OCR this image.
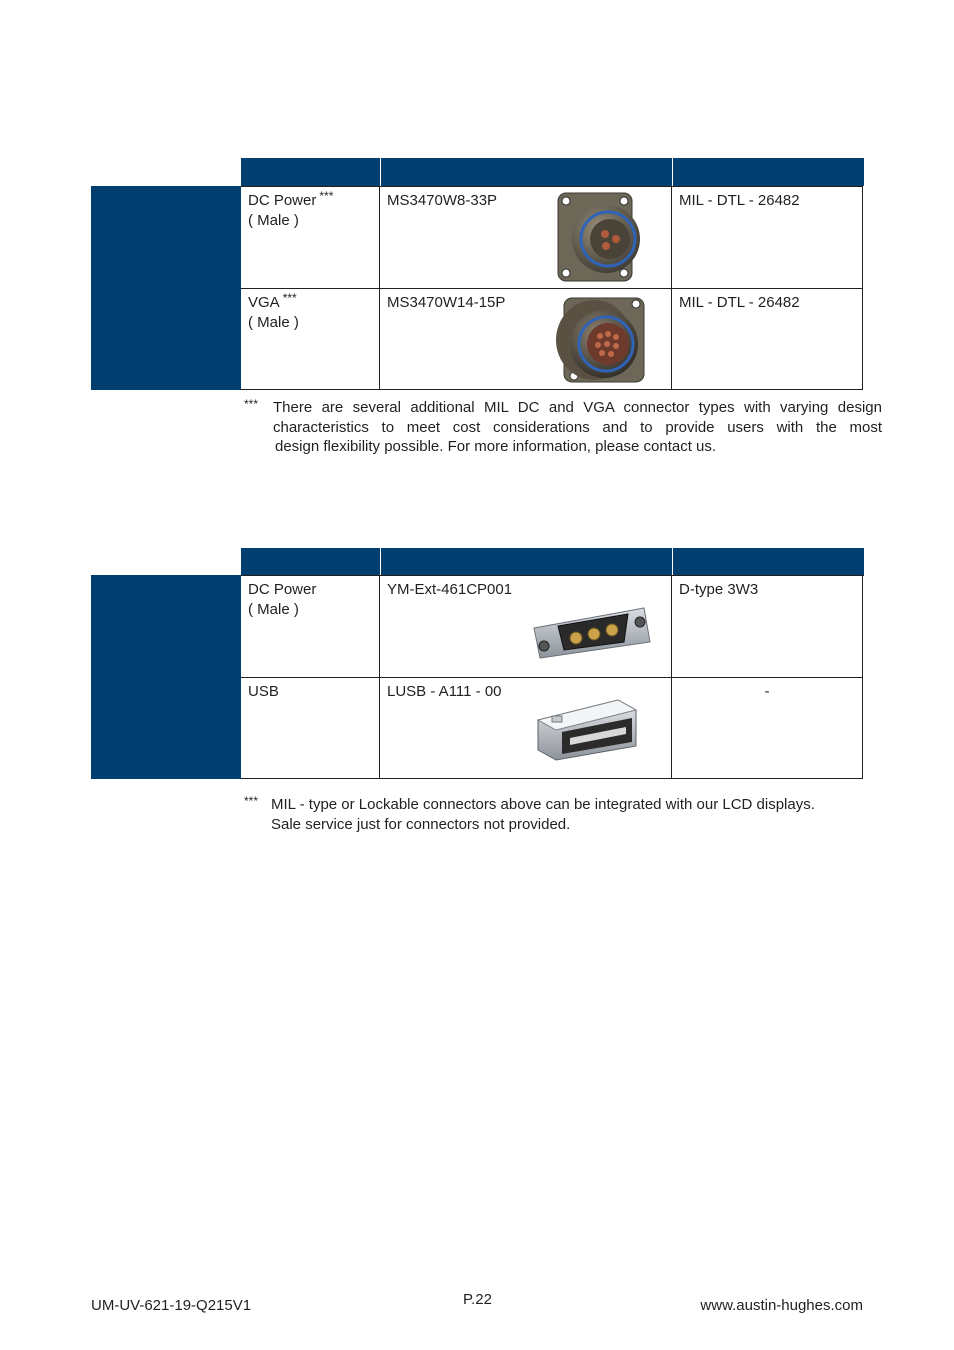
DC Power ***
( Male )
MS3470W8-33P	MIL - DTL - 26482
VGA ***
( Male )
MS3470W14-15P	MIL - DTL - 26482
*** There are several additional MIL DC and VGA connector types with varying design
characteristics to meet cost considerations and to provide users with the most
design flexibility possible. For more information, please contact us.
DC Power
( Male )
YM-Ext-461CP001	D-type 3W3
USB	LUSB - A111 - 00	-
*** MIL - type or Lockable connectors above can be integrated with our LCD displays.
Sale service just for connectors not provided.
UM-UV-621-19-Q215V1	P.22	www.austin-hughes.com
